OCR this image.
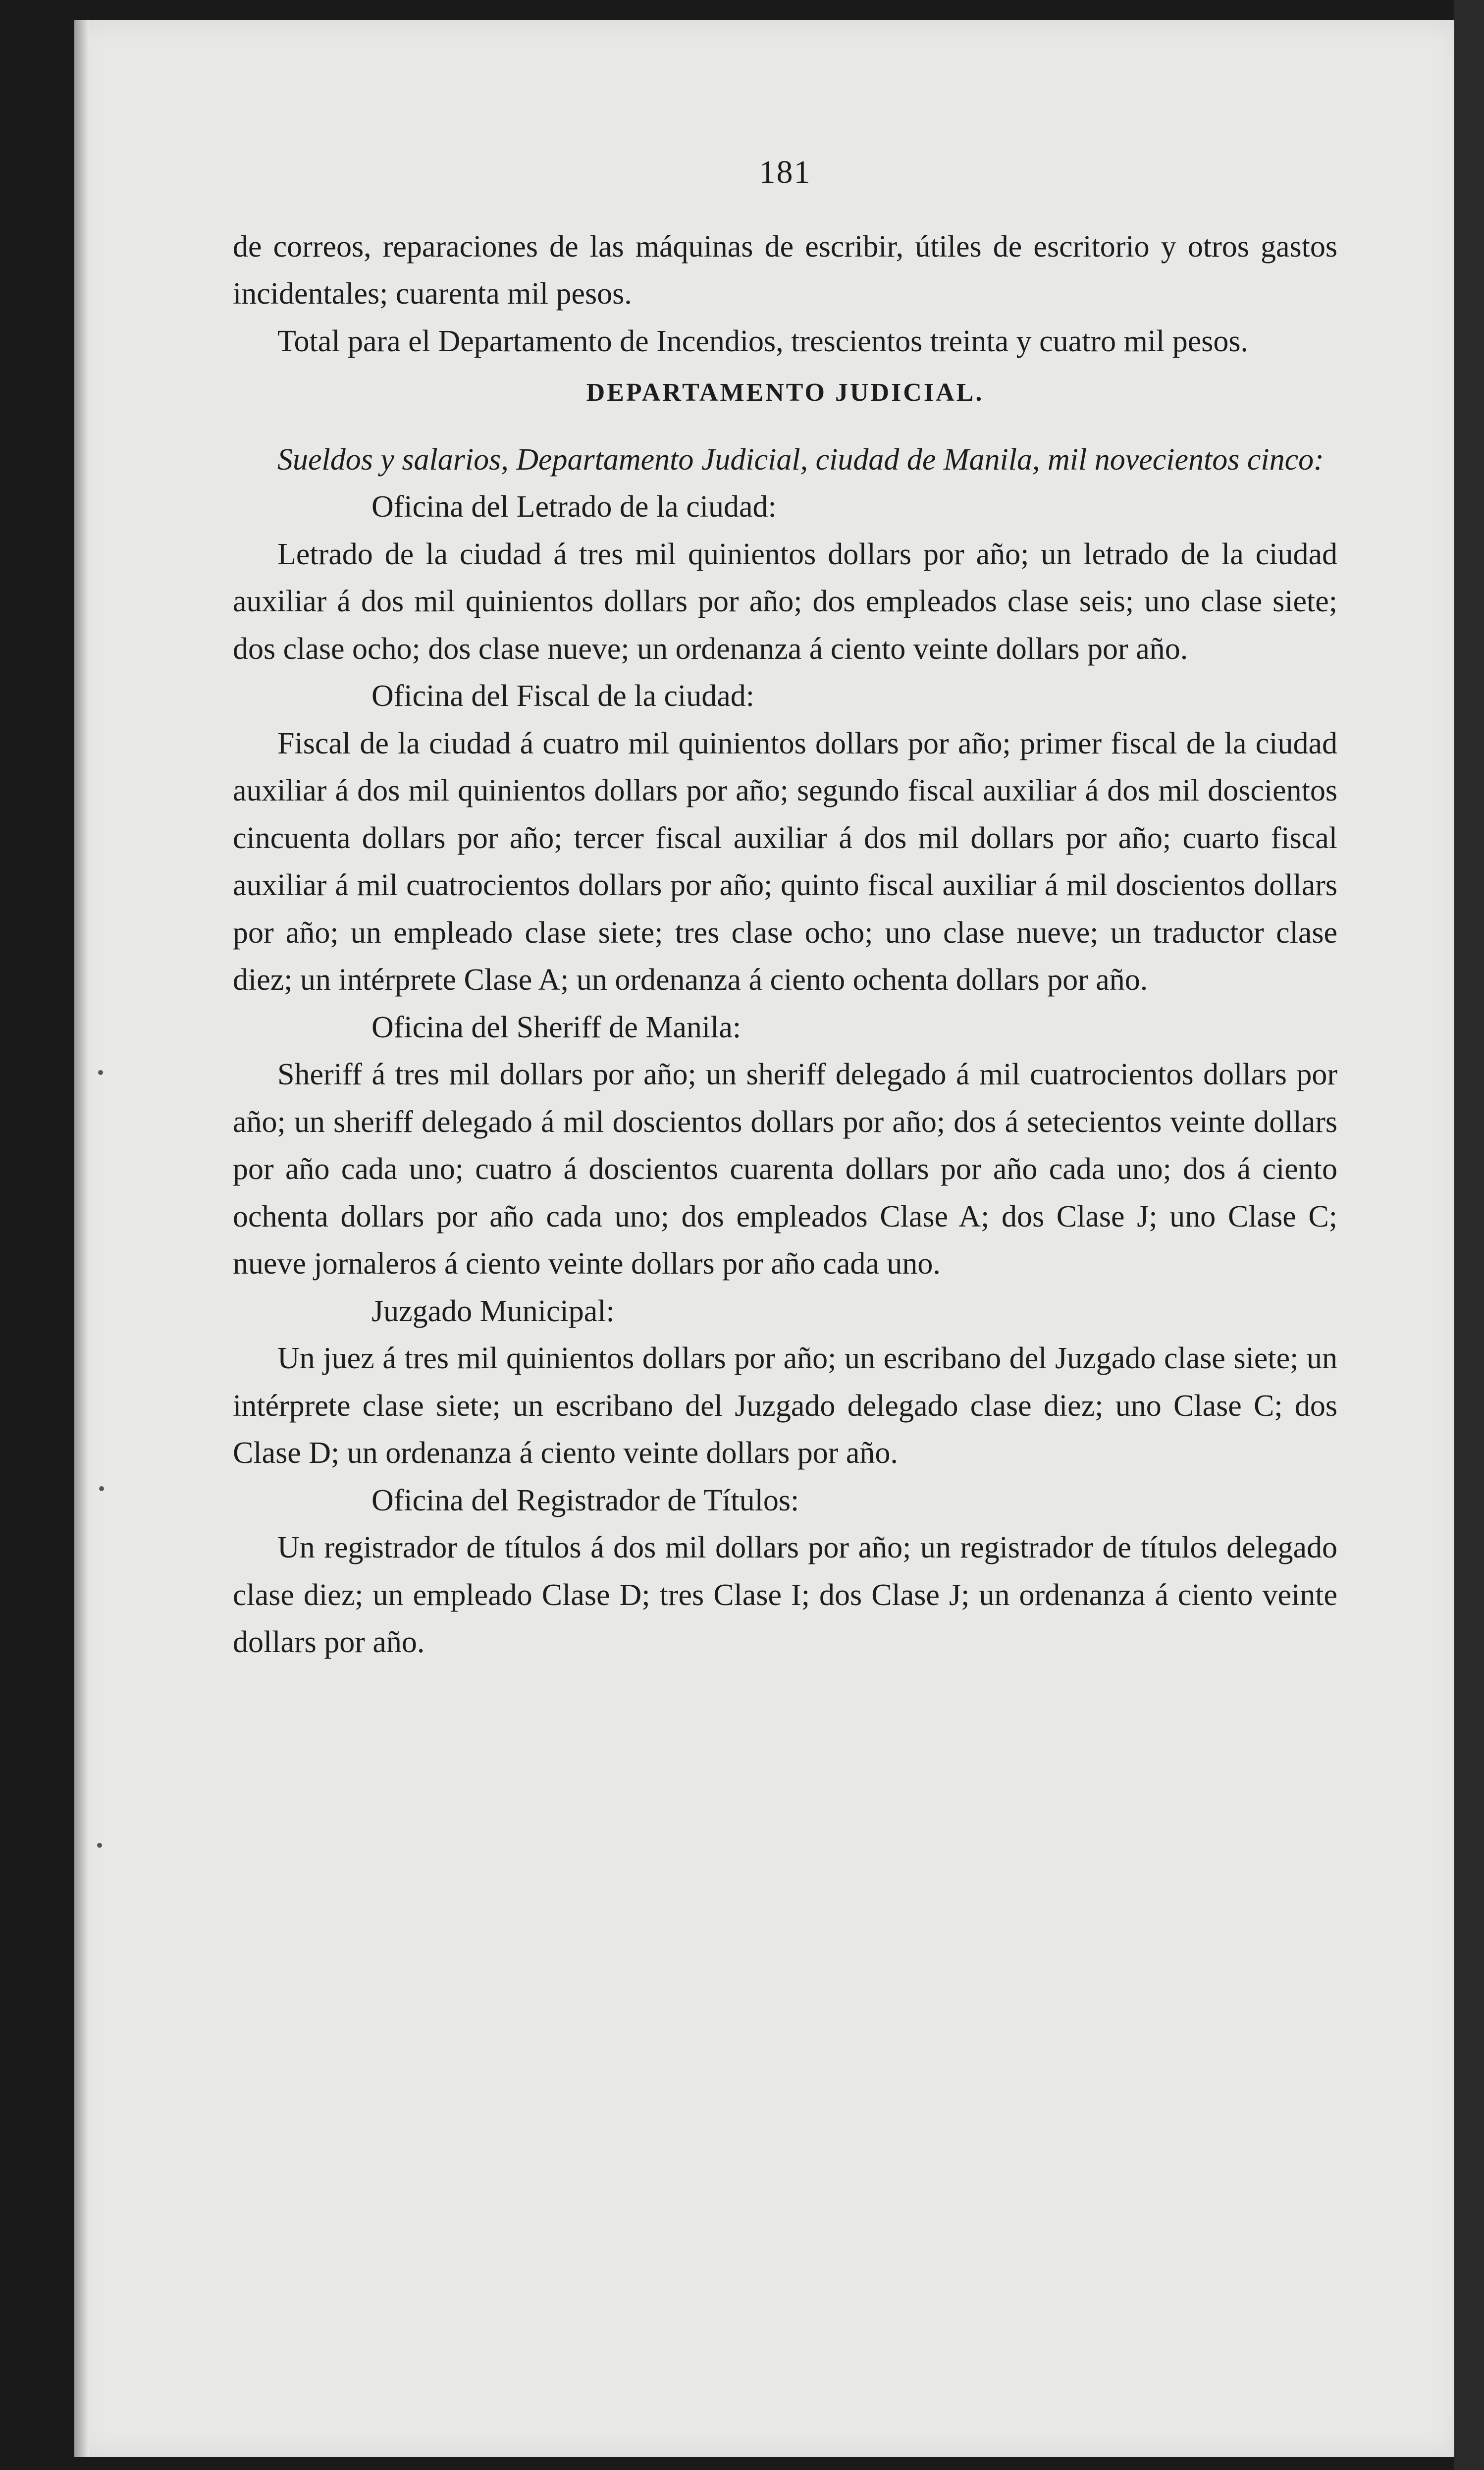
181

de correos, reparaciones de las máquinas de escribir, útiles de escritorio y otros gastos incidentales; cuarenta mil pesos.

Total para el Departamento de Incendios, trescientos treinta y cuatro mil pesos.

DEPARTAMENTO JUDICIAL.

Sueldos y salarios, Departamento Judicial, ciudad de Manila, mil novecientos cinco:

Oficina del Letrado de la ciudad:

Letrado de la ciudad á tres mil quinientos dollars por año; un letrado de la ciudad auxiliar á dos mil quinientos dollars por año; dos empleados clase seis; uno clase siete; dos clase ocho; dos clase nueve; un ordenanza á ciento veinte dollars por año.

Oficina del Fiscal de la ciudad:

Fiscal de la ciudad á cuatro mil quinientos dollars por año; primer fiscal de la ciudad auxiliar á dos mil quinientos dollars por año; segundo fiscal auxiliar á dos mil doscientos cincuenta dollars por año; tercer fiscal auxiliar á dos mil dollars por año; cuarto fiscal auxiliar á mil cuatrocientos dollars por año; quinto fiscal auxiliar á mil doscientos dollars por año; un empleado clase siete; tres clase ocho; uno clase nueve; un traductor clase diez; un intérprete Clase A; un ordenanza á ciento ochenta dollars por año.

Oficina del Sheriff de Manila:

Sheriff á tres mil dollars por año; un sheriff delegado á mil cuatrocientos dollars por año; un sheriff delegado á mil doscientos dollars por año; dos á setecientos veinte dollars por año cada uno; cuatro á doscientos cuarenta dollars por año cada uno; dos á ciento ochenta dollars por año cada uno; dos empleados Clase A; dos Clase J; uno Clase C; nueve jornaleros á ciento veinte dollars por año cada uno.

Juzgado Municipal:

Un juez á tres mil quinientos dollars por año; un escribano del Juzgado clase siete; un intérprete clase siete; un escribano del Juzgado delegado clase diez; uno Clase C; dos Clase D; un ordenanza á ciento veinte dollars por año.

Oficina del Registrador de Títulos:

Un registrador de títulos á dos mil dollars por año; un registrador de títulos delegado clase diez; un empleado Clase D; tres Clase I; dos Clase J; un ordenanza á ciento veinte dollars por año.
